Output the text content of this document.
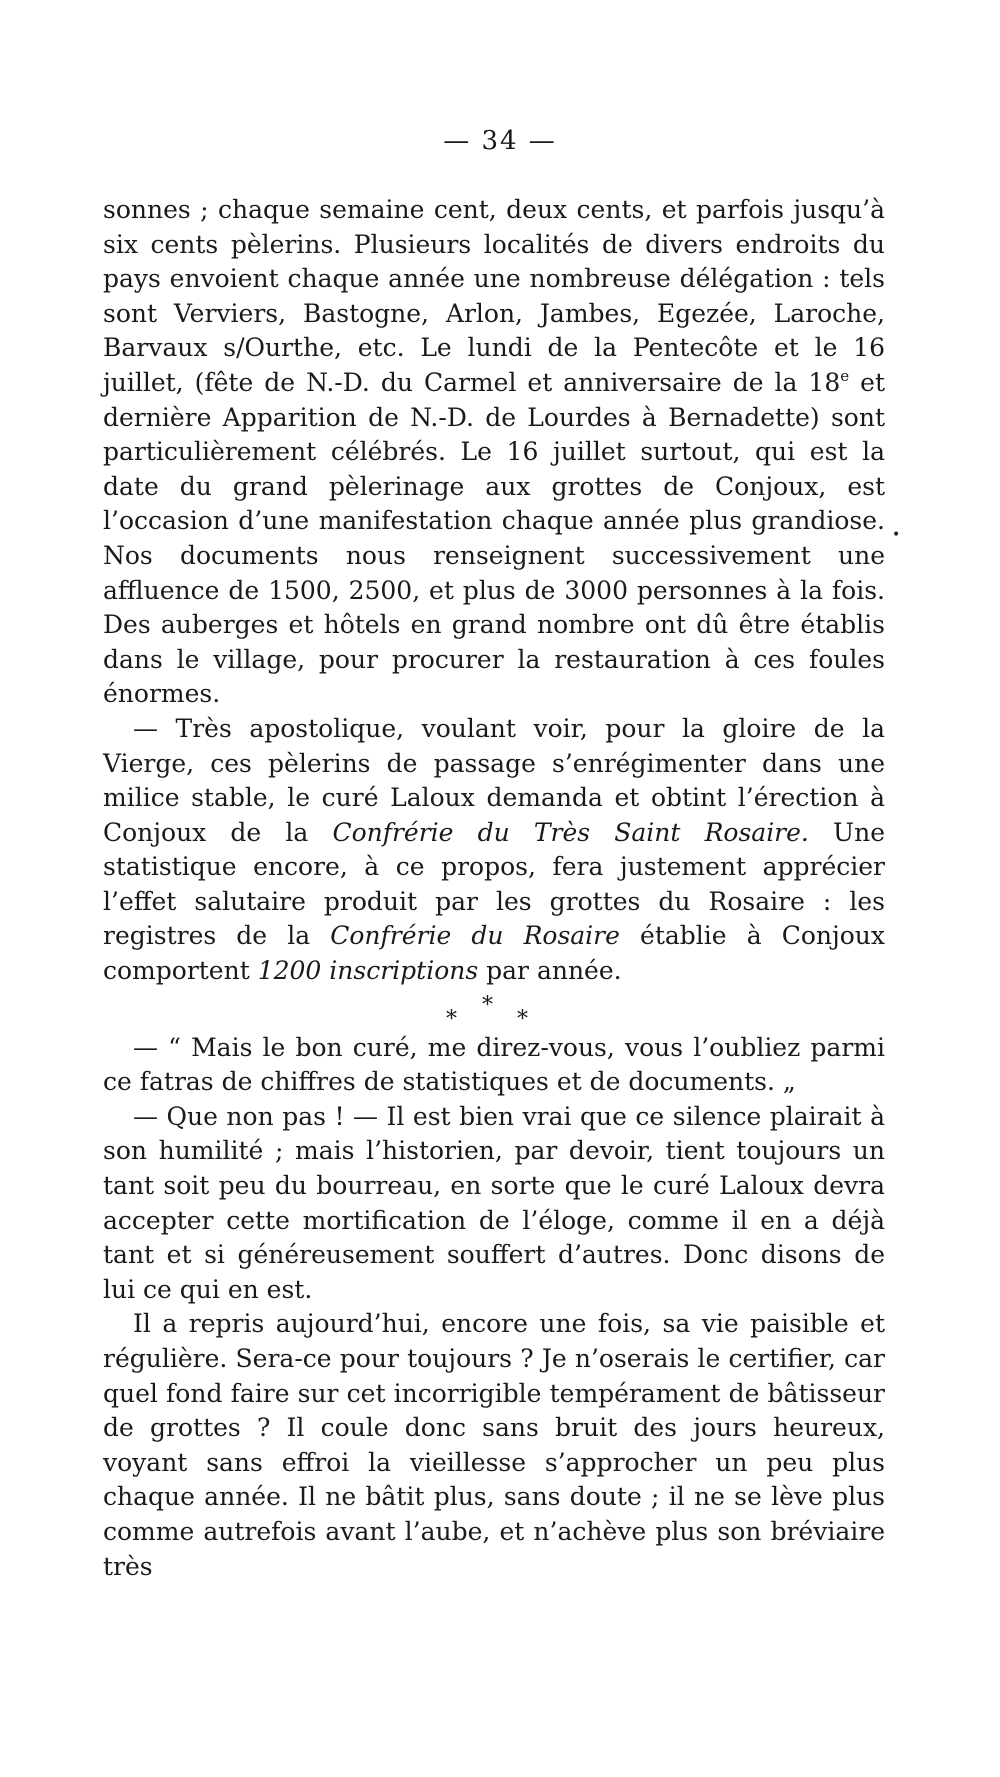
— 34 —
•

sonnes ; chaque semaine cent, deux cents, et parfois jusqu’à six cents pèlerins. Plusieurs localités de divers endroits du pays envoient chaque année une nombreuse délégation : tels sont Verviers, Bastogne, Arlon, Jambes, Egezée, Laroche, Barvaux s/Ourthe, etc. Le lundi de la Pentecôte et le 16 juillet, (fête de N.-D. du Carmel et anniversaire de la 18e et dernière Apparition de N.-D. de Lourdes à Bernadette) sont particulièrement célébrés. Le 16 juillet surtout, qui est la date du grand pèlerinage aux grottes de Conjoux, est l’occasion d’une manifestation chaque année plus grandiose. Nos documents nous renseignent successivement une affluence de 1500, 2500, et plus de 3000 personnes à la fois. Des auberges et hôtels en grand nombre ont dû être établis dans le village, pour procurer la restauration à ces foules énormes.

— Très apostolique, voulant voir, pour la gloire de la Vierge, ces pèlerins de passage s’enrégimenter dans une milice stable, le curé Laloux demanda et obtint l’érection à Conjoux de la Confrérie du Très Saint Rosaire. Une statistique encore, à ce propos, fera justement apprécier l’effet salutaire produit par les grottes du Rosaire : les registres de la Confrérie du Rosaire établie à Conjoux comportent 1200 inscriptions par année.

*
*
*

— “ Mais le bon curé, me direz-vous, vous l’oubliez parmi ce fatras de chiffres de statistiques et de documents. „

— Que non pas ! — Il est bien vrai que ce silence plairait à son humilité ; mais l’historien, par devoir, tient toujours un tant soit peu du bourreau, en sorte que le curé Laloux devra accepter cette mortification de l’éloge, comme il en a déjà tant et si généreusement souffert d’autres. Donc disons de lui ce qui en est.

Il a repris aujourd’hui, encore une fois, sa vie paisible et régulière. Sera-ce pour toujours ? Je n’oserais le certifier, car quel fond faire sur cet incorrigible tempérament de bâtisseur de grottes ? Il coule donc sans bruit des jours heureux, voyant sans effroi la vieillesse s’approcher un peu plus chaque année. Il ne bâtit plus, sans doute ; il ne se lève plus comme autrefois avant l’aube, et n’achève plus son bréviaire très
